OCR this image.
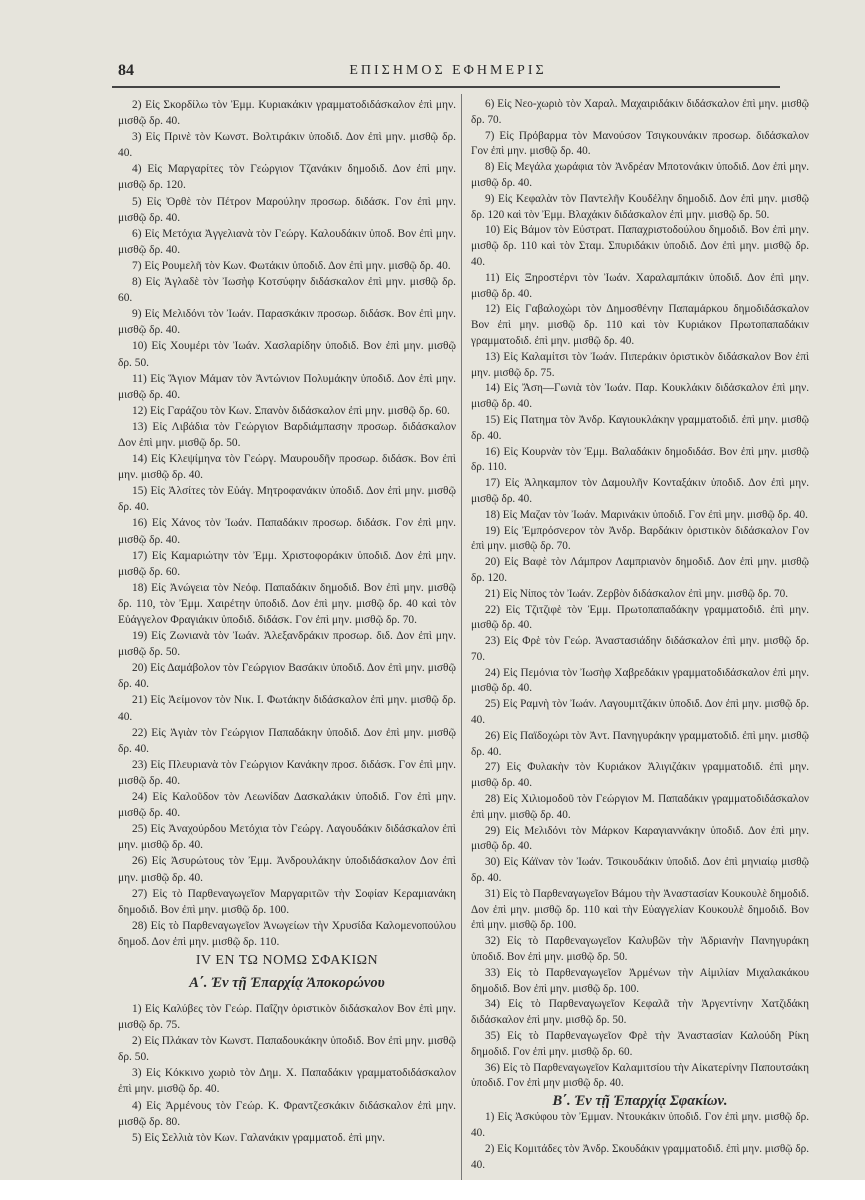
84	ΕΠΙΣΗΜΟΣ ΕΦΗΜΕΡΙΣ

2) Εἰς Σκορδίλω τὸν Ἐμμ. Κυριακάκιν γραμματοδιδάσκαλον ἐπὶ μην. μισθῷ δρ. 40.

3) Εἰς Πρινὲ τὸν Κωνστ. Βολτιράκιν ὑποδιδ. Δον ἐπὶ μην. μισθῷ δρ. 40.

4) Εἰς Μαργαρίτες τὸν Γεώργιον Τζανάκιν δημοδιδ. Δον ἐπὶ μην. μισθῷ δρ. 120.

5) Εἰς Ὀρθὲ τὸν Πέτρον Μαρούλην προσωρ. διδάσκ. Γον ἐπὶ μην. μισθῷ δρ. 40.

6) Εἰς Μετόχια Ἀγγελιανὰ τὸν Γεώργ. Καλουδάκιν ὑποδ. Βον ἐπὶ μην. μισθῷ δρ. 40.

7) Εἰς Ρουμελῆ τὸν Κων. Φωτάκιν ὑποδιδ. Δον ἐπὶ μην. μισθῷ δρ. 40.

8) Εἰς Ἀγλαδὲ τὸν Ἰωσὴφ Κοτσύφην διδάσκαλον ἐπὶ μην. μισθῷ δρ. 60.

9) Εἰς Μελιδόνι τὸν Ἰωάν. Παρασκάκιν προσωρ. διδάσκ. Βον ἐπὶ μην. μισθῷ δρ. 40.

10) Εἰς Χουμέρι τὸν Ἰωάν. Χασλαρίδην ὑποδιδ. Βον ἐπὶ μην. μισθῷ δρ. 50.

11) Εἰς Ἅγιον Μάμαν τὸν Ἀντώνιον Πολυμάκην ὑποδιδ. Δον ἐπὶ μην. μισθῷ δρ. 40.

12) Εἰς Γαράζου τὸν Κων. Σπανὸν διδάσκαλον ἐπὶ μην. μισθῷ δρ. 60.

13) Εἰς Λιβάδια τὸν Γεώργιον Βαρδιάμπασην προσωρ. διδάσκαλον Δον ἐπὶ μην. μισθῷ δρ. 50.

14) Εἰς Κλεψίμηνα τὸν Γεώργ. Μαυρουδῆν προσωρ. διδάσκ. Βον ἐπὶ μην. μισθῷ δρ. 40.

15) Εἰς Ἀλσίτες τὸν Εὐάγ. Μητροφανάκιν ὑποδιδ. Δον ἐπὶ μην. μισθῷ δρ. 40.

16) Εἰς Χάνος τὸν Ἰωάν. Παπαδάκιν προσωρ. διδάσκ. Γον ἐπὶ μην. μισθῷ δρ. 40.

17) Εἰς Καμαριώτην τὸν Ἐμμ. Χριστοφοράκιν ὑποδιδ. Δον ἐπὶ μην. μισθῷ δρ. 60.

18) Εἰς Ἀνώγεια τὸν Νεόφ. Παπαδάκιν δημοδιδ. Βον ἐπὶ μην. μισθῷ δρ. 110, τὸν Ἐμμ. Χαιρέτην ὑποδιδ. Δον ἐπὶ μην. μισθῷ δρ. 40 καὶ τὸν Εὐάγγελον Φραγιάκιν ὑποδιδ. διδάσκ. Γον ἐπὶ μην. μισθῷ δρ. 70.

19) Εἰς Ζωνιανὰ τὸν Ἰωάν. Ἀλεξανδράκιν προσωρ. διδ. Δον ἐπὶ μην. μισθῷ δρ. 50.

20) Εἰς Δαμάβολον τὸν Γεώργιον Βασάκιν ὑποδιδ. Δον ἐπὶ μην. μισθῷ δρ. 40.

21) Εἰς Ἀείμονον τὸν Νικ. Ι. Φωτάκην διδάσκαλον ἐπὶ μην. μισθῷ δρ. 40.

22) Εἰς Ἀγιὰν τὸν Γεώργιον Παπαδάκην ὑποδιδ. Δον ἐπὶ μην. μισθῷ δρ. 40.

23) Εἰς Πλευριανὰ τὸν Γεώργιον Κανάκην προσ. διδάσκ. Γον ἐπὶ μην. μισθῷ δρ. 40.

24) Εἰς Καλοῦδον τὸν Λεωνίδαν Δασκαλάκιν ὑποδιδ. Γον ἐπὶ μην. μισθῷ δρ. 40.

25) Εἰς Ἀναχούρδου Μετόχια τὸν Γεώργ. Λαγουδάκιν διδάσκαλον ἐπὶ μην. μισθῷ δρ. 40.

26) Εἰς Ἀσυρώτους τὸν Ἐμμ. Ἀνδρουλάκην ὑποδιδάσκαλον Δον ἐπὶ μην. μισθῷ δρ. 40.

27) Εἰς τὸ Παρθεναγωγεῖον Μαργαριτῶν τὴν Σοφίαν Κεραμιανάκη δημοδιδ. Βον ἐπὶ μην. μισθῷ δρ. 100.

28) Εἰς τὸ Παρθεναγωγεῖον Ἀνωγείων τὴν Χρυσίδα Καλομενοπούλου δημοδ. Δον ἐπὶ μην. μισθῷ δρ. 110.

IV ΕΝ ΤΩ ΝΟΜΩ ΣΦΑΚΙΩΝ
Α΄. Ἐν τῇ Ἐπαρχίᾳ Ἀποκορώνου

1) Εἰς Καλύβες τὸν Γεώρ. Παΐζην ὁριστικὸν διδάσκαλον Βον ἐπὶ μην. μισθῷ δρ. 75.

2) Εἰς Πλάκαν τὸν Κωνστ. Παπαδουκάκην ὑποδιδ. Βον ἐπὶ μην. μισθῷ δρ. 50.

3) Εἰς Κόκκινο χωριὸ τὸν Δημ. Χ. Παπαδάκιν γραμματοδιδάσκαλον ἐπὶ μην. μισθῷ δρ. 40.

4) Εἰς Ἀρμένους τὸν Γεώρ. Κ. Φραντζεσκάκιν διδάσκαλον ἐπὶ μην. μισθῷ δρ. 80.

5) Εἰς Σελλιὰ τὸν Κων. Γαλανάκιν γραμματοδ. ἐπὶ μην.

6) Εἰς Νεο-χωριὸ τὸν Χαραλ. Μαχαιριδάκιν διδάσκαλον ἐπὶ μην. μισθῷ δρ. 70.

7) Εἰς Πρόβαρμα τὸν Μανούσον Τσιγκουνάκιν προσωρ. διδάσκαλον Γον ἐπὶ μην. μισθῷ δρ. 40.

8) Εἰς Μεγάλα χωράφια τὸν Ἀνδρέαν Μποτονάκιν ὑποδιδ. Δον ἐπὶ μην. μισθῷ δρ. 40.

9) Εἰς Κεφαλὰν τὸν Παντελῆν Κουδέλην δημοδιδ. Δον ἐπὶ μην. μισθῷ δρ. 120 καὶ τὸν Ἐμμ. Βλαχάκιν διδάσκαλον ἐπὶ μην. μισθῷ δρ. 50.

10) Εἰς Βάμον τὸν Εὐστρατ. Παπαχριστοδούλου δημοδιδ. Βον ἐπὶ μην. μισθῷ δρ. 110 καὶ τὸν Σταμ. Σπυριδάκιν ὑποδιδ. Δον ἐπὶ μην. μισθῷ δρ. 40.

11) Εἰς Ξηροστέρνι τὸν Ἰωάν. Χαραλαμπάκιν ὑποδιδ. Δον ἐπὶ μην. μισθῷ δρ. 40.

12) Εἰς Γαβαλοχώρι τὸν Δημοσθένην Παπαμάρκου δημοδιδάσκαλον Βον ἐπὶ μην. μισθῷ δρ. 110 καὶ τὸν Κυριάκον Πρωτοπαπαδάκιν γραμματοδιδ. ἐπὶ μην. μισθῷ δρ. 40.

13) Εἰς Καλαμίτσι τὸν Ἰωάν. Πιπεράκιν ὁριστικὸν διδάσκαλον Βον ἐπὶ μην. μισθῷ δρ. 75.

14) Εἰς Ἄση—Γωνιὰ τὸν Ἰωάν. Παρ. Κουκλάκιν διδάσκαλον ἐπὶ μην. μισθῷ δρ. 40.

15) Εἰς Πατημα τὸν Ἀνδρ. Καγιουκλάκην γραμματοδιδ. ἐπὶ μην. μισθῷ δρ. 40.

16) Εἰς Κουρνὰν τὸν Ἐμμ. Βαλαδάκιν δημοδιδάσ. Βον ἐπὶ μην. μισθῷ δρ. 110.

17) Εἰς Ἀληκαμπον τὸν Δαμουλῆν Κονταξάκιν ὑποδιδ. Δον ἐπὶ μην. μισθῷ δρ. 40.

18) Εἰς Μαζαν τὸν Ἰωάν. Μαρινάκιν ὑποδιδ. Γον ἐπὶ μην. μισθῷ δρ. 40.

19) Εἰς Ἐμπρόσνερον τὸν Ἀνδρ. Βαρδάκιν ὁριστικὸν διδάσκαλον Γον ἐπὶ μην. μισθῷ δρ. 70.

20) Εἰς Βαφὲ τὸν Λάμπρον Λαμπριανὸν δημοδιδ. Δον ἐπὶ μην. μισθῷ δρ. 120.

21) Εἰς Νίπος τὸν Ἰωάν. Ζερβὸν διδάσκαλον ἐπὶ μην. μισθῷ δρ. 70.

22) Εἰς Τζιτζιφὲ τὸν Ἐμμ. Πρωτοπαπαδάκην γραμματοδιδ. ἐπὶ μην. μισθῷ δρ. 40.

23) Εἰς Φρὲ τὸν Γεώρ. Ἀναστασιάδην διδάσκαλον ἐπὶ μην. μισθῷ δρ. 70.

24) Εἰς Πεμόνια τὸν Ἰωσὴφ Χαβρεδάκιν γραμματοδιδάσκαλον ἐπὶ μην. μισθῷ δρ. 40.

25) Εἰς Ραμνὴ τὸν Ἰωάν. Λαγουμιτζάκιν ὑποδιδ. Δον ἐπὶ μην. μισθῷ δρ. 40.

26) Εἰς Παϊδοχώρι τὸν Ἀντ. Πανηγυράκην γραμματοδιδ. ἐπὶ μην. μισθῷ δρ. 40.

27) Εἰς Φυλακὴν τὸν Κυριάκον Ἀλιγιζάκιν γραμματοδιδ. ἐπὶ μην. μισθῷ δρ. 40.

28) Εἰς Χιλιομοδοῦ τὸν Γεώργιον Μ. Παπαδάκιν γραμματοδιδάσκαλον ἐπὶ μην. μισθῷ δρ. 40.

29) Εἰς Μελιδόνι τὸν Μάρκον Καραγιαννάκην ὑποδιδ. Δον ἐπὶ μην. μισθῷ δρ. 40.

30) Εἰς Κάϊναν τὸν Ἰωάν. Τσικουδάκιν ὑποδιδ. Δον ἐπὶ μηνιαίῳ μισθῷ δρ. 40.

31) Εἰς τὸ Παρθεναγωγεῖον Βάμου τὴν Ἀναστασίαν Κουκουλὲ δημοδιδ. Δον ἐπὶ μην. μισθῷ δρ. 110 καὶ τὴν Εὐαγγελίαν Κουκουλὲ δημοδιδ. Βον ἐπὶ μην. μισθῷ δρ. 100.

32) Εἰς τὸ Παρθεναγωγεῖον Καλυβῶν τὴν Ἀδριανὴν Πανηγυράκη ὑποδιδ. Βον ἐπὶ μην. μισθῷ δρ. 50.

33) Εἰς τὸ Παρθεναγωγεῖον Ἀρμένων τὴν Αἰμιλίαν Μιχαλακάκου δημοδιδ. Βον ἐπὶ μην. μισθῷ δρ. 100.

34) Εἰς τὸ Παρθεναγωγεῖον Κεφαλᾶ τὴν Ἀργεντίνην Χατζιδάκη διδάσκαλον ἐπὶ μην. μισθῷ δρ. 50.

35) Εἰς τὸ Παρθεναγωγεῖον Φρὲ τὴν Ἀναστασίαν Καλούδη Ρίκη δημοδιδ. Γον ἐπὶ μην. μισθῷ δρ. 60.

36) Εἰς τὸ Παρθεναγωγεῖον Καλαμιτσίου τὴν Αἰκατερίνην Παπουτσάκη ὑποδιδ. Γον ἐπὶ μην μισθῷ δρ. 40.

Β΄. Ἐν τῇ Ἐπαρχίᾳ Σφακίων.

1) Εἰς Ἀσκύφου τὸν Ἐμμαν. Ντουκάκιν ὑποδιδ. Γον ἐπὶ μην. μισθῷ δρ. 40.

2) Εἰς Κομιτάδες τὸν Ἀνδρ. Σκουδάκιν γραμματοδιδ. ἐπὶ μην. μισθῷ δρ. 40.
